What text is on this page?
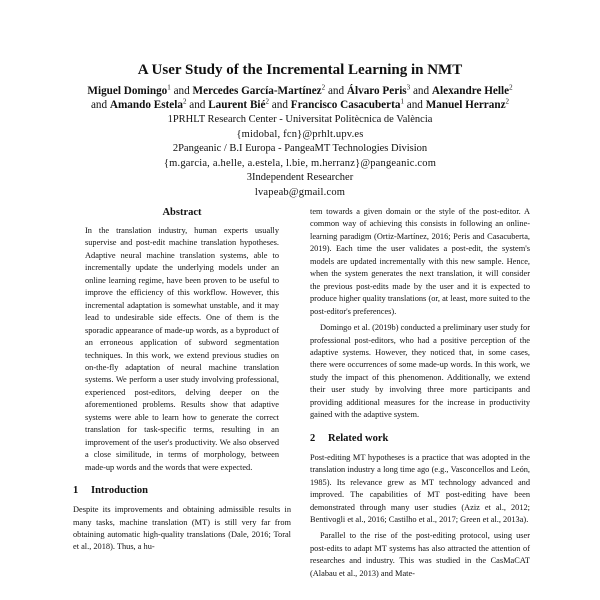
A User Study of the Incremental Learning in NMT
Miguel Domingo$^1$ and Mercedes García-Martínez$^2$ and Álvaro Peris$^3$ and Alexandre Helle$^2$
and Amando Estela$^2$ and Laurent Bié$^2$ and Francisco Casacuberta$^1$ and Manuel Herranz$^2$
1PRHLT Research Center - Universitat Politècnica de València
{midobal, fcn}@prhlt.upv.es
2Pangeanic / B.I Europa - PangeaMT Technologies Division
{m.garcia, a.helle, a.estela, l.bie, m.herranz}@pangeanic.com
3Independent Researcher
lvapeab@gmail.com
Abstract

In the translation industry, human experts usually supervise and post-edit machine translation hypotheses. Adaptive neural machine translation systems, able to incrementally update the underlying models under an online learning regime, have been proven to be useful to improve the efficiency of this workflow. However, this incremental adaptation is somewhat unstable, and it may lead to undesirable side effects. One of them is the sporadic appearance of made-up words, as a byproduct of an erroneous application of subword segmentation techniques. In this work, we extend previous studies on on-the-fly adaptation of neural machine translation systems. We perform a user study involving professional, experienced post-editors, delving deeper on the aforementioned problems. Results show that adaptive systems were able to learn how to generate the correct translation for task-specific terms, resulting in an improvement of the user's productivity. We also observed a close similitude, in terms of morphology, between made-up words and the words that were expected.

1 Introduction

Despite its improvements and obtaining admissible results in many tasks, machine translation (MT) is still very far from obtaining automatic high-quality translations (Dale, 2016; Toral et al., 2018). Thus, a hu-

tem towards a given domain or the style of the post-editor. A common way of achieving this consists in following an online-learning paradigm (Ortiz-Martínez, 2016; Peris and Casacuberta, 2019). Each time the user validates a post-edit, the system's models are updated incrementally with this new sample. Hence, when the system generates the next translation, it will consider the previous post-edits made by the user and it is expected to produce higher quality translations (or, at least, more suited to the post-editor's preferences).

Domingo et al. (2019b) conducted a preliminary user study for professional post-editors, who had a positive perception of the adaptive systems. However, they noticed that, in some cases, there were occurrences of some made-up words. In this work, we study the impact of this phenomenon. Additionally, we extend their user study by involving three more participants and providing additional measures for the increase in productivity gained with the adaptive system.

2 Related work

Post-editing MT hypotheses is a practice that was adopted in the translation industry a long time ago (e.g., Vasconcellos and León, 1985). Its relevance grew as MT technology advanced and improved. The capabilities of MT post-editing have been demonstrated through many user studies (Aziz et al., 2012; Bentivogli et al., 2016; Castilho et al., 2017; Green et al., 2013a).

Parallel to the rise of the post-editing protocol, using user post-edits to adapt MT systems has also attracted the attention of researches and industry. This was studied in the CasMaCAT (Alabau et al., 2013) and Mate-
